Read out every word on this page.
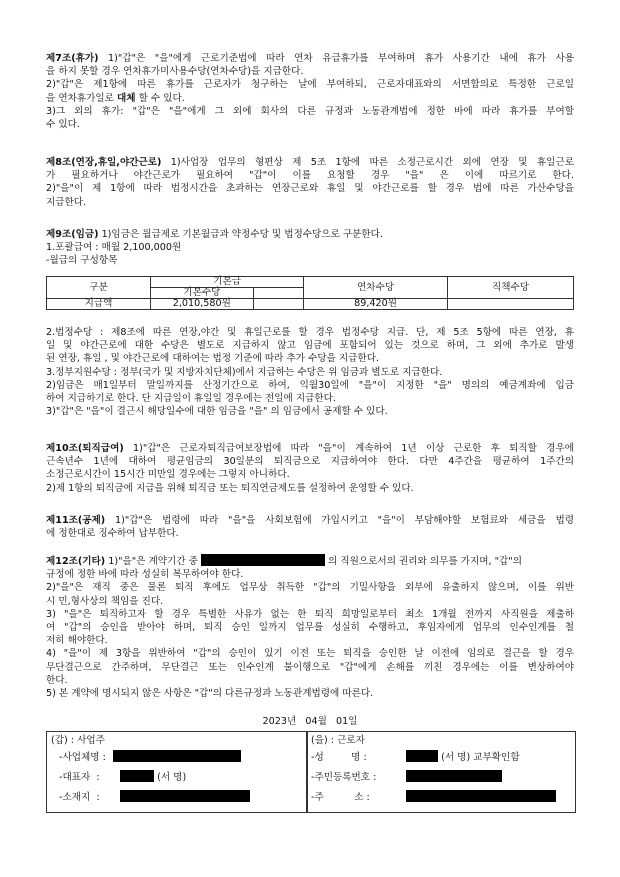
제7조(휴가) 1)"갑"은 "을"에게 근로기준법에 따라 연차 유급휴가를 부여하며 휴가 사용기간 내에 휴가 사용
을 하지 못할 경우 연차휴가미사용수당(연차수당)을 지급한다.
2)"갑"은 제1항에 따른 휴가를 근로자가 청구하는 날에 부여하되, 근로자대표와의 서면합의로 특정한 근로일
을 연차휴가일로 대체 할 수 있다.
3)그 외의 휴가: "갑"은 "을"에게 그 외에 회사의 다른 규정과 노동관계법에 정한 바에 따라 휴가를 부여할
수 있다.
제8조(연장,휴일,야간근로) 1)사업장 업무의 형편상 제 5조 1항에 따른 소정근로시간 외에 연장 및 휴일근로
가 필요하거나 야간근로가 필요하여 "갑"이 이를 요청할 경우 "을" 은 이에 따르기로 한다.
2)"을"이 제 1항에 따라 법정시간을 초과하는 연장근로와 휴일 및 야간근로를 할 경우 법에 따른 가산수당을
지급한다.
제9조(임금) 1)임금은 월급제로 기본월급과 약정수당 및 법정수당으로 구분한다.
1.포괄급여 : 매월 2,100,000원
-월급의 구성항목
구분	기본급		연차수당	직책수당
	기본수당			
지급액	2,010,580원		89,420원	
2.법정수당 : 제8조에 따른 연장,야간 및 휴일근로를 할 경우 법정수당 지급. 단, 제 5조 5항에 따른 연장, 휴
일 및 야간근로에 대한 수당은 별도로 지급하지 않고 임금에 포함되어 있는 것으로 하며, 그 외에 추가로 발생
된 연장, 휴일 , 및 야간근로에 대하여는 법정 기준에 따라 추가 수당을 지급한다.
3.정부지원수당 : 정부(국가 및 지방자치단체)에서 지급하는 수당은 위 임금과 별도로 지급한다.
2)임금은 매1일부터 말일까지를 산정기간으로 하여, 익월30일에 "을"이 지정한 "을" 명의의 예금계좌에 입금
하여 지급하기로 한다. 단 지급일이 휴일일 경우에는 전일에 지급한다.
3)"갑"은 "을"이 결근시 해당일수에 대한 임금을 "을" 의 임금에서 공제할 수 있다.
제10조(퇴직급여) 1)"갑"은 근로자퇴직급여보장법에 따라 "을"이 계속하여 1년 이상 근로한 후 퇴직할 경우에
근속년수 1년에 대하여 평균임금의 30일분의 퇴직금으로 지급하여야 한다. 다만 4주간을 평균하여 1주간의
소정근로시간이 15시간 미만일 경우에는 그렇지 아니하다.
2)제 1항의 퇴직금에 지급을 위해 퇴직금 또는 퇴직연금제도를 설정하여 운영할 수 있다.
제11조(공제) 1)"갑"은 법령에 따라 "을"을 사회보험에 가입시키고 "을"이 부담해야할 보험료와 세금을 법령
에 정한대로 징수하여 납부한다.
제12조(기타) 1)"을"은 계약기간 중	의 직원으로서의 권리와 의무를 가지며, "갑"의
규정에 정한 바에 따라 성실히 복무하여야 한다.
2)"을"은 재직 중은 물론 퇴직 후에도 업무상 취득한 "갑"의 기밀사항을 외부에 유출하지 않으며, 이를 위반
시 민,형사상의 책임을 진다.
3) "을"은 퇴직하고자 할 경우 특별한 사유가 없는 한 퇴직 희망일로부터 최소 1개월 전까지 사직원을 제출하
여 "갑"의 승인을 받아야 하며, 퇴직 승인 일까지 업무를 성실히 수행하고, 후임자에게 업무의 인수인계를 철
저히 해야한다.
4) "을"이 제 3항을 위반하여 "갑"의 승인이 있기 이전 또는 퇴직을 승인한 날 이전에 임의로 결근을 할 경우
무단결근으로 간주하며, 무단결근 또는 인수인계 불이행으로 "갑"에게 손해를 끼친 경우에는 이를 변상하여야
한다.
5) 본 계약에 명시되지 않은 사항은 "갑"의 다른규정과 노동관계법령에 따른다.
2023년   04월   01일
(갑) : 사업주
-사업체명 :
-대표자  :	(서 명)
-소재지  :
(을) : 근로자
-성         명 :	(서 명) 교부확인함
-주민등록번호 :
-주          소 :
